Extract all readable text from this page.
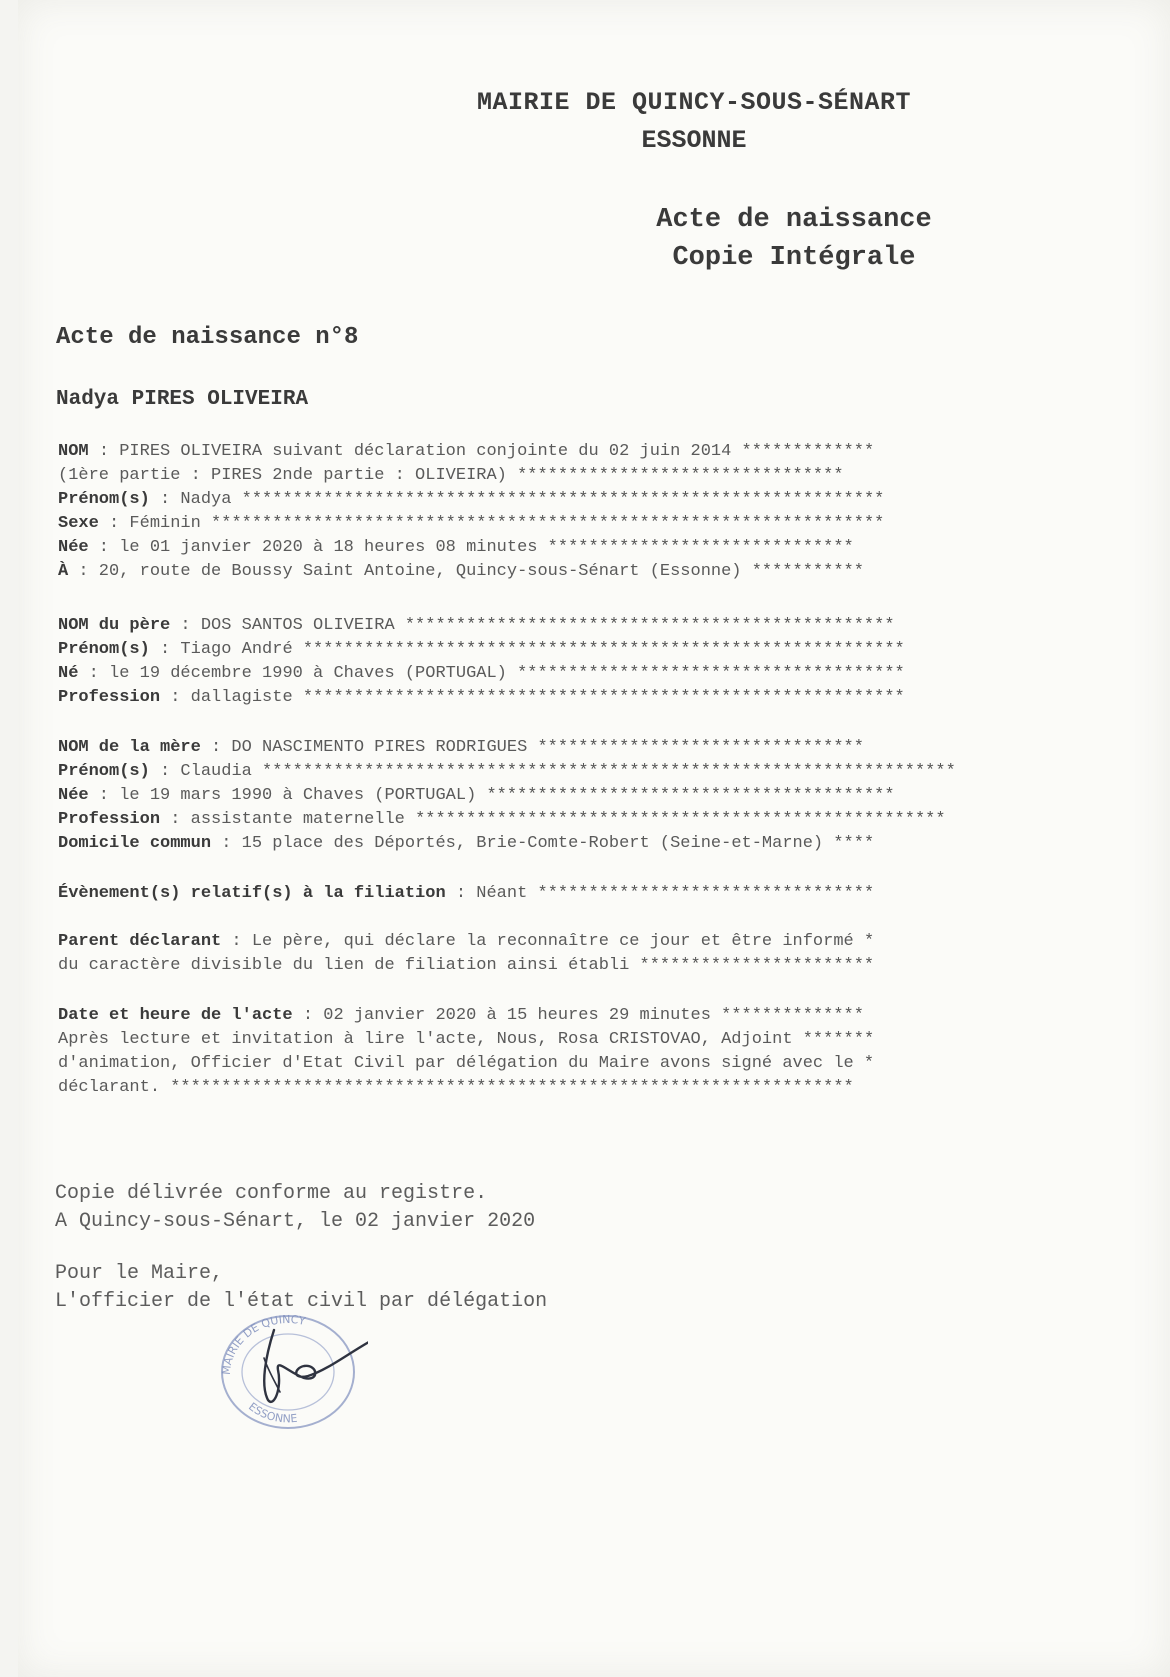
MAIRIE DE QUINCY-SOUS-SÉNART
ESSONNE
Acte de naissance
Copie Intégrale
Acte de naissance n°8
Nadya PIRES OLIVEIRA
NOM : PIRES OLIVEIRA suivant déclaration conjointe du 02 juin 2014 *************
(1ère partie : PIRES 2nde partie : OLIVEIRA) ********************************
Prénom(s) : Nadya ***************************************************************
Sexe : Féminin ******************************************************************
Née : le 01 janvier 2020 à 18 heures 08 minutes ******************************
À : 20, route de Boussy Saint Antoine, Quincy-sous-Sénart (Essonne) ***********
NOM du père : DOS SANTOS OLIVEIRA ************************************************
Prénom(s) : Tiago André ***********************************************************
Né : le 19 décembre 1990 à Chaves (PORTUGAL) **************************************
Profession : dallagiste ***********************************************************
NOM de la mère : DO NASCIMENTO PIRES RODRIGUES ********************************
Prénom(s) : Claudia ********************************************************************
Née : le 19 mars 1990 à Chaves (PORTUGAL) ****************************************
Profession : assistante maternelle ****************************************************
Domicile commun : 15 place des Déportés, Brie-Comte-Robert (Seine-et-Marne) ****
Évènement(s) relatif(s) à la filiation : Néant *********************************
Parent déclarant : Le père, qui déclare la reconnaître ce jour et être informé *
du caractère divisible du lien de filiation ainsi établi ***********************
Date et heure de l'acte : 02 janvier 2020 à 15 heures 29 minutes **************
Après lecture et invitation à lire l'acte, Nous, Rosa CRISTOVAO, Adjoint *******
d'animation, Officier d'Etat Civil par délégation du Maire avons signé avec le *
déclarant. *******************************************************************
Copie délivrée conforme au registre.
A Quincy-sous-Sénart, le 02 janvier 2020
Pour le Maire,
L'officier de l'état civil par délégation
MAIRIE DE QUINCY
ESSONNE
